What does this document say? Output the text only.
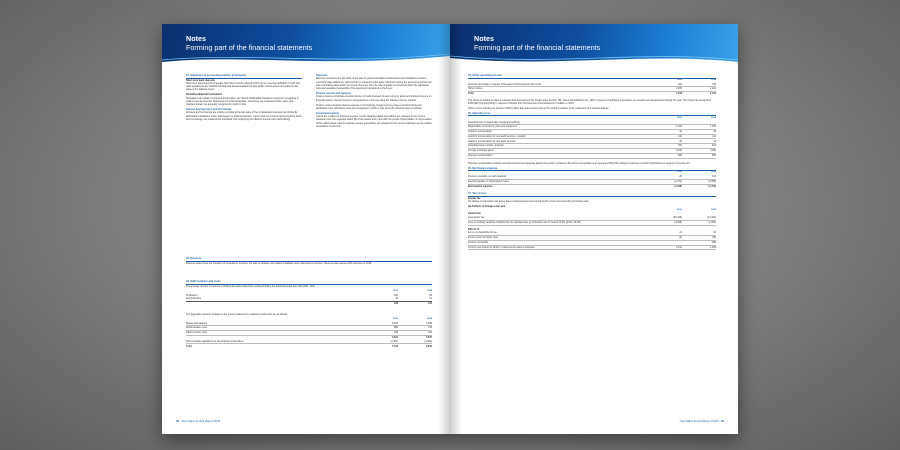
Notes
Forming part of the financial statements
01. Statement of accounting policies (continued)
Short term bank deposits

Short term bank deposits of greater than three months maturity which do not meet the definition of cash and cash equivalents are classified as financial assets available for sale within current assets and stated at fair value in the balance sheet.

Derivative financial instruments

Derivatives are initially recognised at fair value; any directly attributable transaction costs are recognised in profit or loss as incurred. Subsequent to initial recognition, derivatives are measured at fair value, and changes therein are generally recognised in profit or loss.

Interest-bearing loans and borrowings

All loans and borrowings are initially recorded at the fair value of the consideration received net of directly attributable transaction costs. Subsequent to initial recognition, current and non-current interest-bearing loans and borrowings, are measured at amortised cost employing the effective interest rate methodology.

Expenses

Revenue comprises the fair value of the sale of goods and related maintenance and installation services, excluding value added tax, deferred tax on refused by third party customers during the accounting period and after eliminating sales within the Group. Revenue from the sale of goods is recognised when the significant risks and rewards of ownership of the goods are transferred to the buyer.

Finance income and expense

Finance income comprises interest income on funds invested, foreign currency gains and dividend income on financial assets. Interest income is recognised as it accrues using the effective interest method.

Finance costs comprise interest expense on borrowings, foreign currency losses and borrowing and applicable costs. All finance costs are recognised in profit or loss using the effective interest method.

Government grants

Grants are credited to deferred revenue. Grants towards capital expenditure are released to the income statement over the expected useful life of the assets and in line with the period of amortisation or depreciation of the related asset. Grants towards revenue expenditure are released to the income statement as the related expenditure is incurred.

02. Revenue

Revenue arises from the provision of consultancy services, the sale of software and related installation and maintenance services. Revenue was earned within Europe for 2015.

03. Staff numbers and costs

The average number of persons (including Executive Directors) employed during the financial period was 128 (2014: 120).

	2015	2014
Production	106	99
Administration	24	21
	128	120

The aggregate amounts charged to the income statement in relation to staff costs are as follows:

	2015	2014
Wages and salaries	8,418	6,930
Social welfare costs	865	729
Other pension costs	238	222
	9,521	7,837
Remuneration capitalised as development expenditure	(2,322)	(2,024)
Total	7,199	6,813
30 OpenJ9plc Annual Report 2015
Notes
Forming part of the financial statements
04. Other operating income
	2015	2014
Amounts receivable in respect of Research & Development tax credit	182	708
Other income	1,006	1,414
Total	1,188	2,122

The Group is entitled to claim a research and development Tax Credit under Section 766, Taxes Consolidation Act, 1997 in respect of qualifying expenditure on research and development during the year. The Group has recognised €182,000 (Company €nil) in respect of refunds from the Revenue Commissioners in relation to 2015.

Other income includes an amount of €0.8 million that was received during the period in relation to the settlement of a supplier dispute.

05. Operating loss
	2015	2014
Operating loss is stated after charging/(crediting):		
Depreciation on property, plant and equipment	1,703	1,409
Auditor's remuneration	42	40
Auditor's remuneration for non-audit services - taxation	134	112
Auditor's remuneration for non-audit services	29	33
Operating lease rentals - property	784	613
Foreign exchange gains	(123)	(346)
Directors remuneration	823	800

Directors remuneration includes amounts accrued and amounts paid in the period. Included in directors remuneration is an amount of €32,199 relating to retirement benefit contributions in respect of one director.

06. Net finance expense
	2015	2014
Interest receivable on cash deposits	26	144
Interest payable on shareholders loans	(2,471)	(1,558)
Net financial expense	(2,445)	(1,414)
07. Tax on loss
Income tax

No charge to corporation tax arises due to trading losses incurred during the current and preceding financial years.

(a) Analysis of charge in the year
	2015	2014
Current tax		
Loss before tax	(26,446)	(14,422)
Loss on ordinary activities multiplied by the standard rate of corporation tax in Ireland 12.5% (2014: 12.5%)	(3,305)	(1,803)
Effects of:		
Items not deductible for tax	21	84
Income taxed at higher rates	(6)	(18)
Income not taxable	-	(38)
Current year losses for which no deferred tax asset recognised	3,314	1,849
OpenJ9plc Annual Report 2015 33
